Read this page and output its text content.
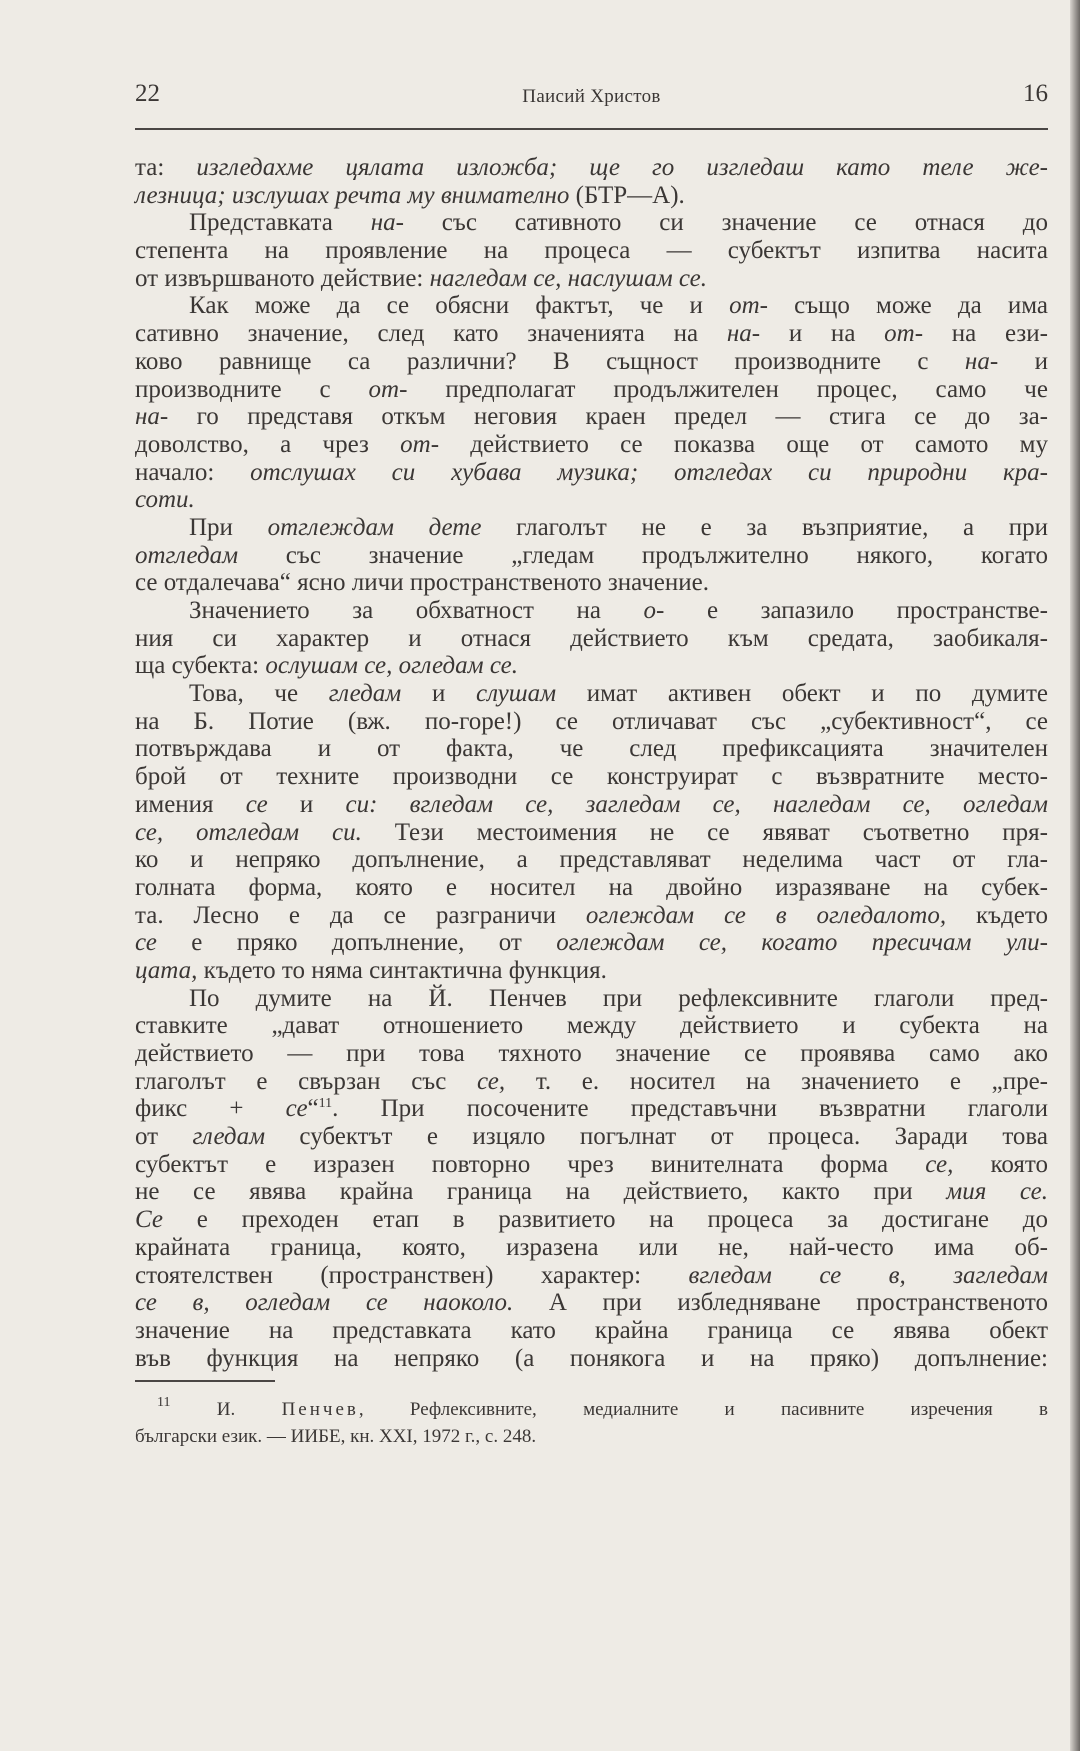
22	Паисий Христов	16
та: изгледахме цялата изложба; ще го изгледаш като теле же-
лезница; изслушах речта му внимателно (БТР—А).
Представката на- със сативното си значение се отнася до
степента на проявление на процеса — субектът изпитва насита
от извършваното действие: нагледам се, наслушам се.
Как може да се обясни фактът, че и от- също може да има
сативно значение, след като значенията на на- и на от- на ези-
ково равнище са различни? В същност производните с на- и
производните с от- предполагат продължителен процес, само че
на- го представя откъм неговия краен предел — стига се до за-
доволство, а чрез от- действието се показва още от самото му
начало: отслушах си хубава музика; отгледах си природни кра-
соти.
При отглеждам дете глаголът не е за възприятие, а при
отгледам със значение „гледам продължително някого, когато
се отдалечава“ ясно личи пространственото значение.
Значението за обхватност на о- е запазило пространстве-
ния си характер и отнася действието към средата, заобикаля-
ща субекта: ослушам се, огледам се.
Това, че гледам и слушам имат активен обект и по думите
на Б. Потие (вж. по-горе!) се отличават със „субективност“, се
потвърждава и от факта, че след префиксацията значителен
брой от техните производни се конструират с възвратните место-
имения се и си: вгледам се, загледам се, нагледам се, огледам
се, отгледам си. Тези местоимения не се явяват съответно пря-
ко и непряко допълнение, а представляват неделима част от гла-
голната форма, която е носител на двойно изразяване на субек-
та. Лесно е да се разграничи оглеждам се в огледалото, където
се е пряко допълнение, от оглеждам се, когато пресичам ули-
цата, където то няма синтактична функция.
По думите на Й. Пенчев при рефлексивните глаголи пред-
ставките „дават отношението между действието и субекта на
действието — при това тяхното значение се проявява само ако
глаголът е свързан със се, т. е. носител на значението е „пре-
фикс + се“$^{11}$. При посочените представъчни възвратни глаголи
от гледам субектът е изцяло погълнат от процеса. Заради това
субектът е изразен повторно чрез винителната форма се, която
не се явява крайна граница на действието, както при мия се.
Се е преходен етап в развитието на процеса за достигане до
крайната граница, която, изразена или не, най-често има об-
стоятелствен (пространствен) характер: вгледам се в, загледам
се в, огледам се наоколо. А при избледняване пространственото
значение на представката като крайна граница се явява обект
във функция на непряко (а понякога и на пряко) допълнение:
$^{11}$ И. Пенчев, Рефлексивните, медиалните и пасивните изречения в
български език. — ИИБЕ, кн. XXI, 1972 г., с. 248.
